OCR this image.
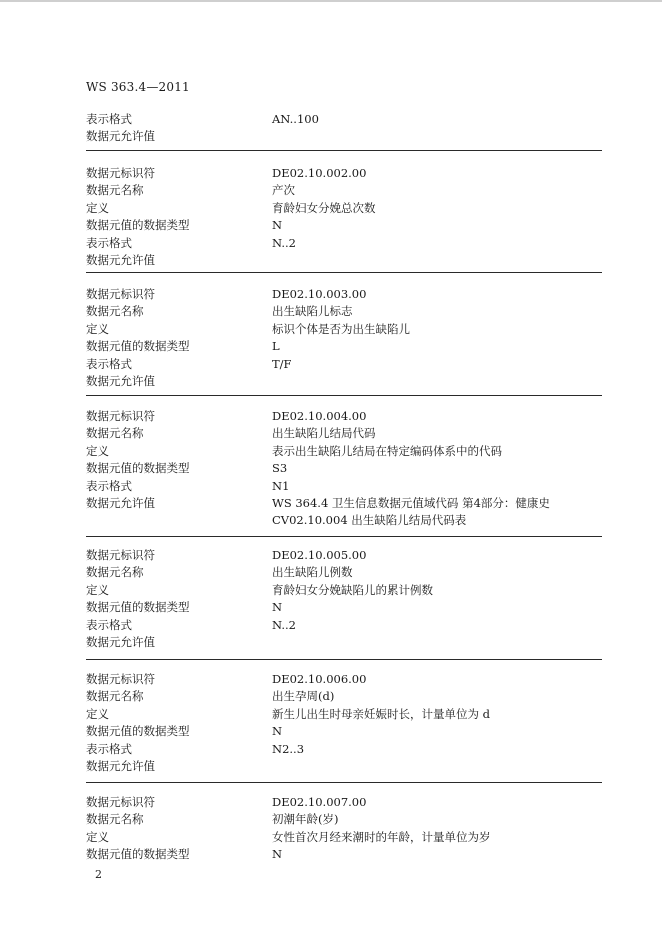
WS 363.4—2011
表示格式	AN..100
数据元允许值
数据元标识符	DE02.10.002.00
数据元名称	产次
定义	育龄妇女分娩总次数
数据元值的数据类型	N
表示格式	N..2
数据元允许值
数据元标识符	DE02.10.003.00
数据元名称	出生缺陷儿标志
定义	标识个体是否为出生缺陷儿
数据元值的数据类型	L
表示格式	T/F
数据元允许值
数据元标识符	DE02.10.004.00
数据元名称	出生缺陷儿结局代码
定义	表示出生缺陷儿结局在特定编码体系中的代码
数据元值的数据类型	S3
表示格式	N1
数据元允许值	WS 364.4 卫生信息数据元值域代码 第4部分：健康史
CV02.10.004 出生缺陷儿结局代码表
数据元标识符	DE02.10.005.00
数据元名称	出生缺陷儿例数
定义	育龄妇女分娩缺陷儿的累计例数
数据元值的数据类型	N
表示格式	N..2
数据元允许值
数据元标识符	DE02.10.006.00
数据元名称	出生孕周(d)
定义	新生儿出生时母亲妊娠时长，计量单位为 d
数据元值的数据类型	N
表示格式	N2..3
数据元允许值
数据元标识符	DE02.10.007.00
数据元名称	初潮年龄(岁)
定义	女性首次月经来潮时的年龄，计量单位为岁
数据元值的数据类型	N
2
